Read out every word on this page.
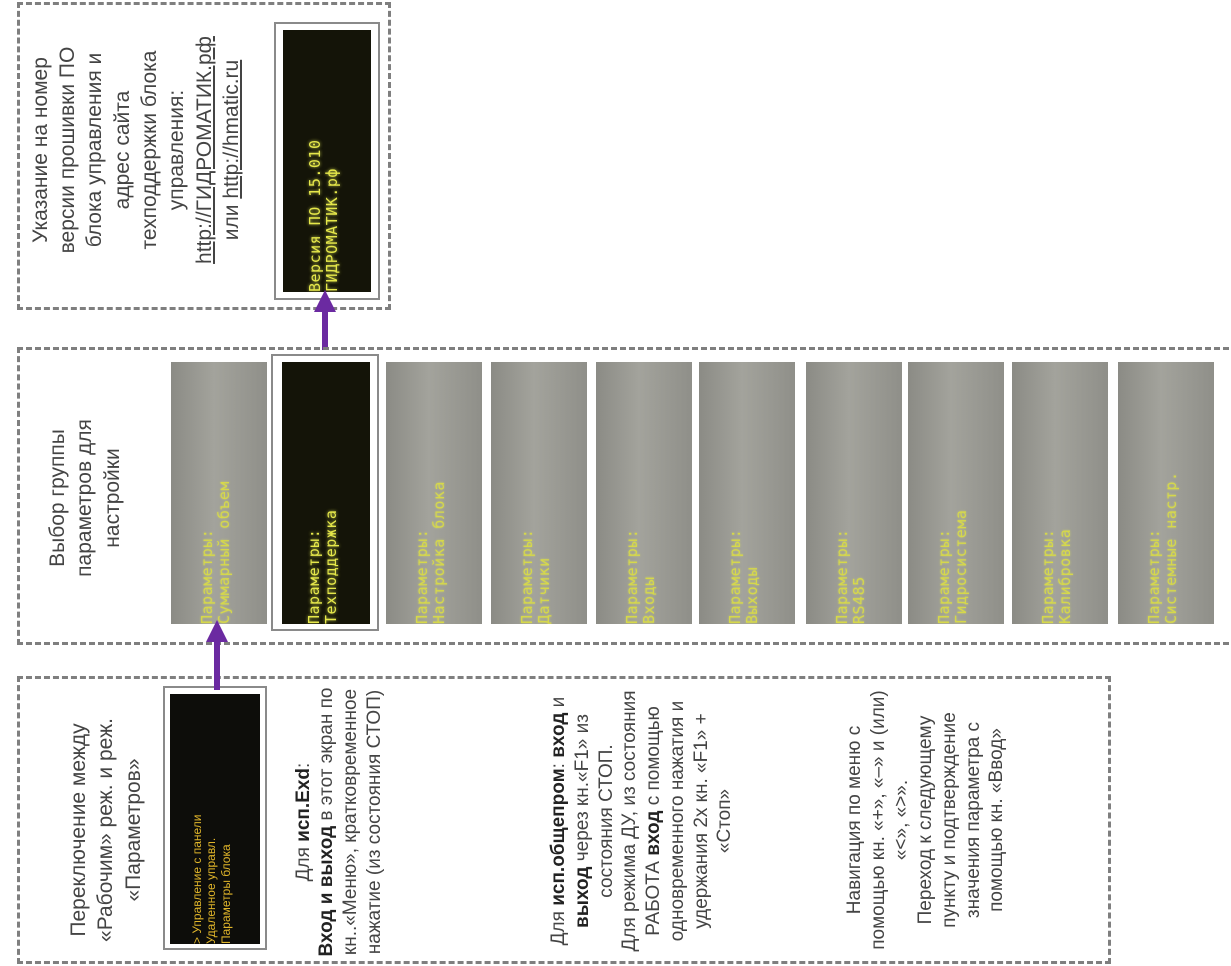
Указание на номер версии прошивки ПО блока управления и адрес сайта техподдержки блока управления: http://ГИДРОМАТИК.рф или http://hmatic.ru
Версия ПО 15.010 ГИДРОМАТИК.рф
Выбор группы параметров для настройки
Параметры: Суммарный объем	Параметры: Техподдержка	Параметры: Настройка блока	Параметры: Датчики	Параметры: Входы	Параметры: Выходы	Параметры: RS485	Параметры: Гидросистема	Параметры: Калибровка	Параметры: Системные настр.
Переключение между «Рабочим» реж. и реж. «Параметров»	> Управление с панели Удаленное управл. Параметры блока	Для исп.Exd:
Вход и выход в этот экран по кн..«Меню», кратковременное нажатие (из состояния СТОП)	Для исп.общепром: вход и выход через кн.«F1» из состояния СТОП. Для режима ДУ, из состояния РАБОТА вход с помощью одновременного нажатия и удержания 2х кн. «F1» + «Стоп»	Навигация по меню с помощью кн. «+», «–» и (или) «<», «>». Переход к следующему пункту и подтверждение значения параметра с помощью кн. «Ввод»
